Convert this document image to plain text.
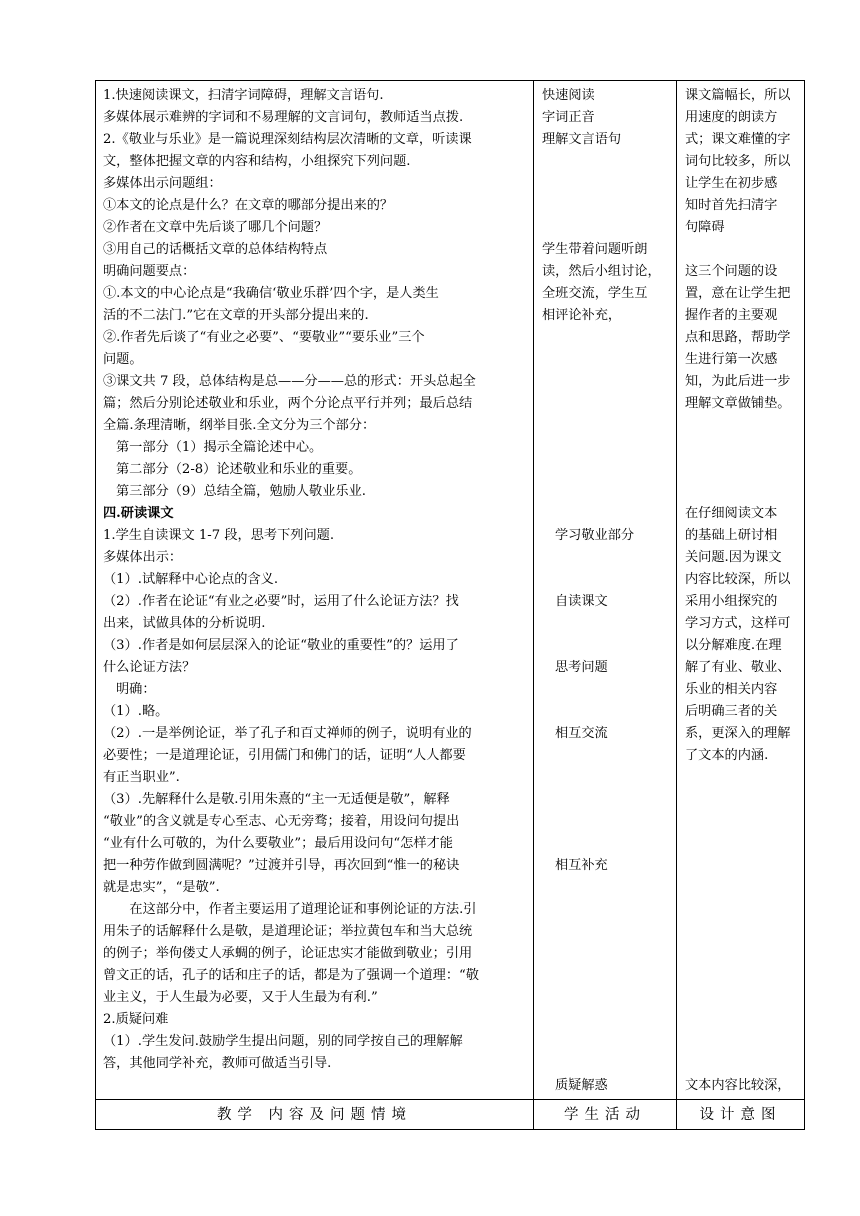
1.快速阅读课文，扫清字词障碍，理解文言语句.

多媒体展示难辨的字词和不易理解的文言词句，教师适当点拨.

2.《敬业与乐业》是一篇说理深刻结构层次清晰的文章，听读课

文，整体把握文章的内容和结构，小组探究下列问题.

多媒体出示问题组：

①本文的论点是什么？在文章的哪部分提出来的？

②作者在文章中先后谈了哪几个问题？

③用自己的话概括文章的总体结构特点

明确问题要点：

①.本文的中心论点是“我确信‘敬业乐群’四个字，是人类生

活的不二法门.”它在文章的开头部分提出来的.

②.作者先后谈了“有业之必要”、“要敬业”“要乐业”三个

问题。

③课文共 7 段，总体结构是总——分——总的形式：开头总起全

篇；然后分别论述敬业和乐业，两个分论点平行并列；最后总结

全篇.条理清晰，纲举目张.全文分为三个部分：

第一部分（1）揭示全篇论述中心。

第二部分（2-8）论述敬业和乐业的重要。

第三部分（9）总结全篇，勉励人敬业乐业.

四.研读课文

1.学生自读课文 1-7 段，思考下列问题.

多媒体出示：

（1）.试解释中心论点的含义.

（2）.作者在论证“有业之必要”时，运用了什么论证方法？找

出来，试做具体的分析说明.

（3）.作者是如何层层深入的论证“敬业的重要性”的？运用了

什么论证方法？

明确：

（1）.略。

（2）.一是举例论证，举了孔子和百丈禅师的例子，说明有业的

必要性；一是道理论证，引用儒门和佛门的话，证明“人人都要

有正当职业”.

（3）.先解释什么是敬.引用朱熹的“主一无适便是敬”，解释

“敬业”的含义就是专心至志、心无旁骛；接着，用设问句提出

“业有什么可敬的，为什么要敬业”；最后用设问句“怎样才能

把一种劳作做到圆满呢？”过渡并引导，再次回到“惟一的秘诀

就是忠实”，“是敬”.

在这部分中，作者主要运用了道理论证和事例论证的方法.引

用朱子的话解释什么是敬，是道理论证；举拉黄包车和当大总统

的例子；举佝偻丈人承蜩的例子，论证忠实才能做到敬业；引用

曾文正的话，孔子的话和庄子的话，都是为了强调一个道理：“敬

业主义，于人生最为必要，又于人生最为有利.”

2.质疑问难

（1）.学生发问.鼓励学生提出问题，别的同学按自己的理解解

答，其他同学补充，教师可做适当引导.

快速阅读

字词正音

理解文言语句

学生带着问题听朗

读，然后小组讨论，

全班交流，学生互

相评论补充，

学习敬业部分

自读课文

思考问题

相互交流

相互补充

质疑解惑

课文篇幅长，所以

用速度的朗读方

式；课文难懂的字

词句比较多，所以

让学生在初步感

知时首先扫清字

句障碍

这三个问题的设

置，意在让学生把

握作者的主要观

点和思路，帮助学

生进行第一次感

知，为此后进一步

理解文章做铺垫。

在仔细阅读文本

的基础上研讨相

关问题.因为课文

内容比较深，所以

采用小组探究的

学习方式，这样可

以分解难度.在理

解了有业、敬业、

乐业的相关内容

后明确三者的关

系，更深入的理解

了文本的内涵.

文本内容比较深，

教学 内容及问题情境	学生活动	设计意图
